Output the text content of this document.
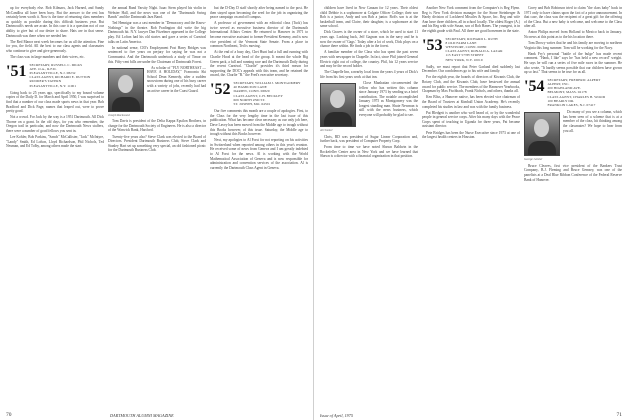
up for everybody else. Bob Kilmarx, Jack Harned, and Sandy McCandliss all have been busy. But the answer to the rest has certainly been worth it. Now is the time of returning class members as quickly as possible during this difficult business year. But Dartmouth's needs are acute. In this case it is a question not of our ability to give but of our desire to share. Hats are in that sense. Dartmouth was there when we needed her.

The Red Manor next week becomes for us all the attention. Fine for you, the field. All the best to our class agents and classmates who continue to give and give generously.

The class was in large numbers and their wives, etc.

'51 SECRETARY, RUSSELL C. DILKS
AVE. O.A., R.F.D.
PLEASANTVILLE, N.J. 08232
CLASS AGENT, RICHARD E. DUTTON
RUDDER'S TAVERN
PLEASANTVILLE, N.Y. 11001

Going back to 25 years ago, specifically to my bound volume copies of the Daily D. for March and April 1950, I was surprised to find that a number of our class made sports news in that year. Bob Bradford and Dick Page, names that leaped out, were to prove pretty good.

Not a crowd. For Jack by the way is a 1951 Dartmouth. All Dick Thorne on a grant. In the old days, for you who remember, the Oregon trail in particular, and now the Dartmouth News staffers, there were a number of good fellows you sent in.

Lee Kohler, Bob Parkins, "Sanch" McCallister, "Jack" McIntyre, "Landy" Smith, Ed Lofton, Lloyd Richardson, Phil Nichols, Ted Neuman, and Ed Tolby, among others made the start.

the annual Band Varsity Night. Isaac Stern played his violin in Webster Hall, and the news was one of the "Dartmouth Swing Bands" and the Dartmouth Jazz Band.

Ted Hennigar was a cast member in "Democracy and the Know-Nothings" in the theatre. Rob Fradington did write the big Dartmouth hit. N.Y. lawyer Dan Fitzelmer appeared in the College play. Ed Lofton had his old stories and gave a series of Carnival talks on Latin America.

In national sense, CIO's Employment Post Harry Bridges was sentenced to five years on perjury for saying he was not a Communist. And the Dartmouth undertook a study of Timor on this. Fifty-cent bills are under the Chairman of Dartmouth Forest.

As scholar of "FLY NORTHEAST — HAVE A HOLIDAY," Franconia Ski School Dean Kennedy, after a sudden snowstorm during one of his busy career with a variety of jobs, recently had had an active career in the Coast Guard.

Joseph Rockwood

Tom Davis is president of the Delta Kappa Epsilon Brothers, in charge for the Dartmouth Society of Engineers. He is also a director of the Warwick Bank, Hartford.

Twenty-five years also? Steve Clark was elected to the Board of Directors. President Dartmouth Business Club, Steve Clark and Stanley Hart set up something very special, an old fashioned picnic for the Dartmouth Business Club.

but the D-Day D staff shortly after being named to the post. He then stayed upon becoming the seed for the job in organizing the peace campaign on and off campus.

A professor of government with an editorial class (Tuck) has twice served as executive business director of the Dartmouth International Affairs Center. He returned to Hanover in 1971 to become executive assistant to former President Kemeny, and is now vice president of the Vermont State Senate. From a place in common Northeast, Ted is moving.

At the end of a busy day, Chet Hunt had a full and running with Charlie Hood at the head of the group. It meant the whole Big Green pack, a full and running race and the Dartmouth Daily during the recent Carnival. "Charlie" provides it's third reason for supporting the DOC's appeals with this team, and he retained the award, the. Charlie "B." the Fred's executive secretary.

'52 SECRETARY, WILLIAM J. MONTGOMERY
40 HAMILTON LANE
DARIEN, CONN. 06820
CLASS AGENT, C.H. BECKLEY
609 NORTH 2ND ST.
ST. JOSEPH, MO. 64501

Our five comments this month are a couple of apologies. First, to the Class for the very lengthy time in the last issue of this publication. What has become clear necessary as our only job here, Dave Lavey has been moved from the Middle age to trough without this Books however, of this issue. Saturday, the Middle age to trough without this Books however.

Next, my apologies to Al Forst for not reporting on his activities in Switzerland when reported among others in this year's reunion. He received some of news from Geneva and I am greatly indebted to Al Forst for the news. Al is working with the World Mathematical Association of Geneva and is now responsible for administration and convention services of the association. Al is currently the Dartmouth Class Agent in Geneva.

70	DARTMOUTH ALUMNI MAGAZINE

children have lived in New Canaan for 12 years. Their oldest child Debbie is a sophomore at Colgate Officer College; their son Rob is a junior; Andy and son Rob a junior. Bob's son is at the basketball team, and Claire, their daughter, is a sophomore at the same school.

Dick Graves is the owner of a store, which he used to start 11 years ago. Looking back, Jeff Gagnon was in the navy and he is now the owner of 'Gags.' Today after a lot of work, Dick plays on a chance there within. He finds a job in the forest.

A familiar member of the Class who has spent the past seven years with newspaper in Chapelle. In fact, since Phil joined General Electric right out of college, the country. Phil, his 12 years service and may be the record holder.

The Chapelle Inn, a nearby local from the years 4 years of Dick's life from his first years work at that inn.

Close Manhattan circumvented the fellow who has written this column since January 1973 by sending us a brief contribution. The notable accomplished January 1975 as Montgomery was the longest standing man. Shute Newman is still with the news business, which everyone will probably be glad to see.

Al Chester

Chris, RD was president of Sugar Linear Corporation and, further back, was president of Computer Property Corp.

From time to time we have noted Shawn Baldwin in the Rockefeller Center area in New York and we have learned that Shawn is a director with a financial organization in that position.

Another New York comment from the Computer's is Reg Flynn. Reg is New York division manager for the Stone Steinberger & Hardy division of Lockheed Missiles & Space, Inc. Reg and wife Ann have three children, all in school locally. The oldest Roger (A.) and his Reg with wife Susan, son of Rob Hanes. The youngest, is in the eighth grade with Paul. All three are good horsemen in the state.

'53 SECRETARY, RICHARD L. RUTH
8 OLD FARM LANE
WESTPORT, CONN. 06880
CLASS AGENT, RONALD A. LAZAR
115 EAST 57TH STREET
NEW YORK, N.Y. 10019

Sadly, we must report that Peter Garland died suddenly last December. Our condolences go to his wife and family.

For the eighth year, the boards of directors of Kiwanis Club, the Rotary Club, and the Kiwanis Club, have bestowed the annual award for public service. The members of the Hannover Yearbooks, Chapman by Max Fischbach, Frank Nichols, and others, thanks all.

Ken Bliss, a Hanover native, has been elected vice chairman of the Board of Trustees at Kimball Union Academy. He's recently completed his studies in law and was with the family business.

Pat Bledgett is another who well heard of, or by the wonderful people in general service corps. After his many days with the Peace Corps spent of teaching in Uganda for three years, Pat became assistant director.

Pete Bridges has been the Nurse Executive since 1973 at one of the largest health centers in Houston.

Corey and Bob Robinson tried to claim "the class baby" back in 1971 only to have claims upon the fact of a prior announcement. In that case, the class was the recipient of a great gift for the offering of the Class. But a new baby is welcome, and welcome to the Class after all.

Anton Philips moved from Holland to Mexico back in January. No news at this point as to the his location there.

Tom Drowy writes that he and his family are moving to northern Virginia this long summer. Tom will be working for the Navy.

Hank Fry's personal "battle of the bulge" has made recent comment. "Hank, I like" says he "has held a new record" weight. He says he will run a series of five mile races in the summer. He also wrote, "It hardly seems possible that our children have grown up so fast." That seems to be true for us all.

'54 SECRETARY, FREDERIC ALPERT
ALPERT, INC.
200 HIGHLAND AVE.
BELMONT, MASS. 02178
CLASS AGENT, CHARLES B. WOOD
100 BEARLY DR.
FRANKLIN LAKES, N.J. 07417

Do many of you see a column, which has been seen of a scheme that is at a member of the class, hit thinking among the classmates? We hope to hear from you all.

George Geisler

Bruce Cleaves, first vice president of the Bankers Trust Company, B.J. Fleming and Bruce Gemsey, was one of the panelists at a Deal Blue Ribbon Conference of the Federal Reserve Bank of Hanover.

Issue of April, 1975	71
